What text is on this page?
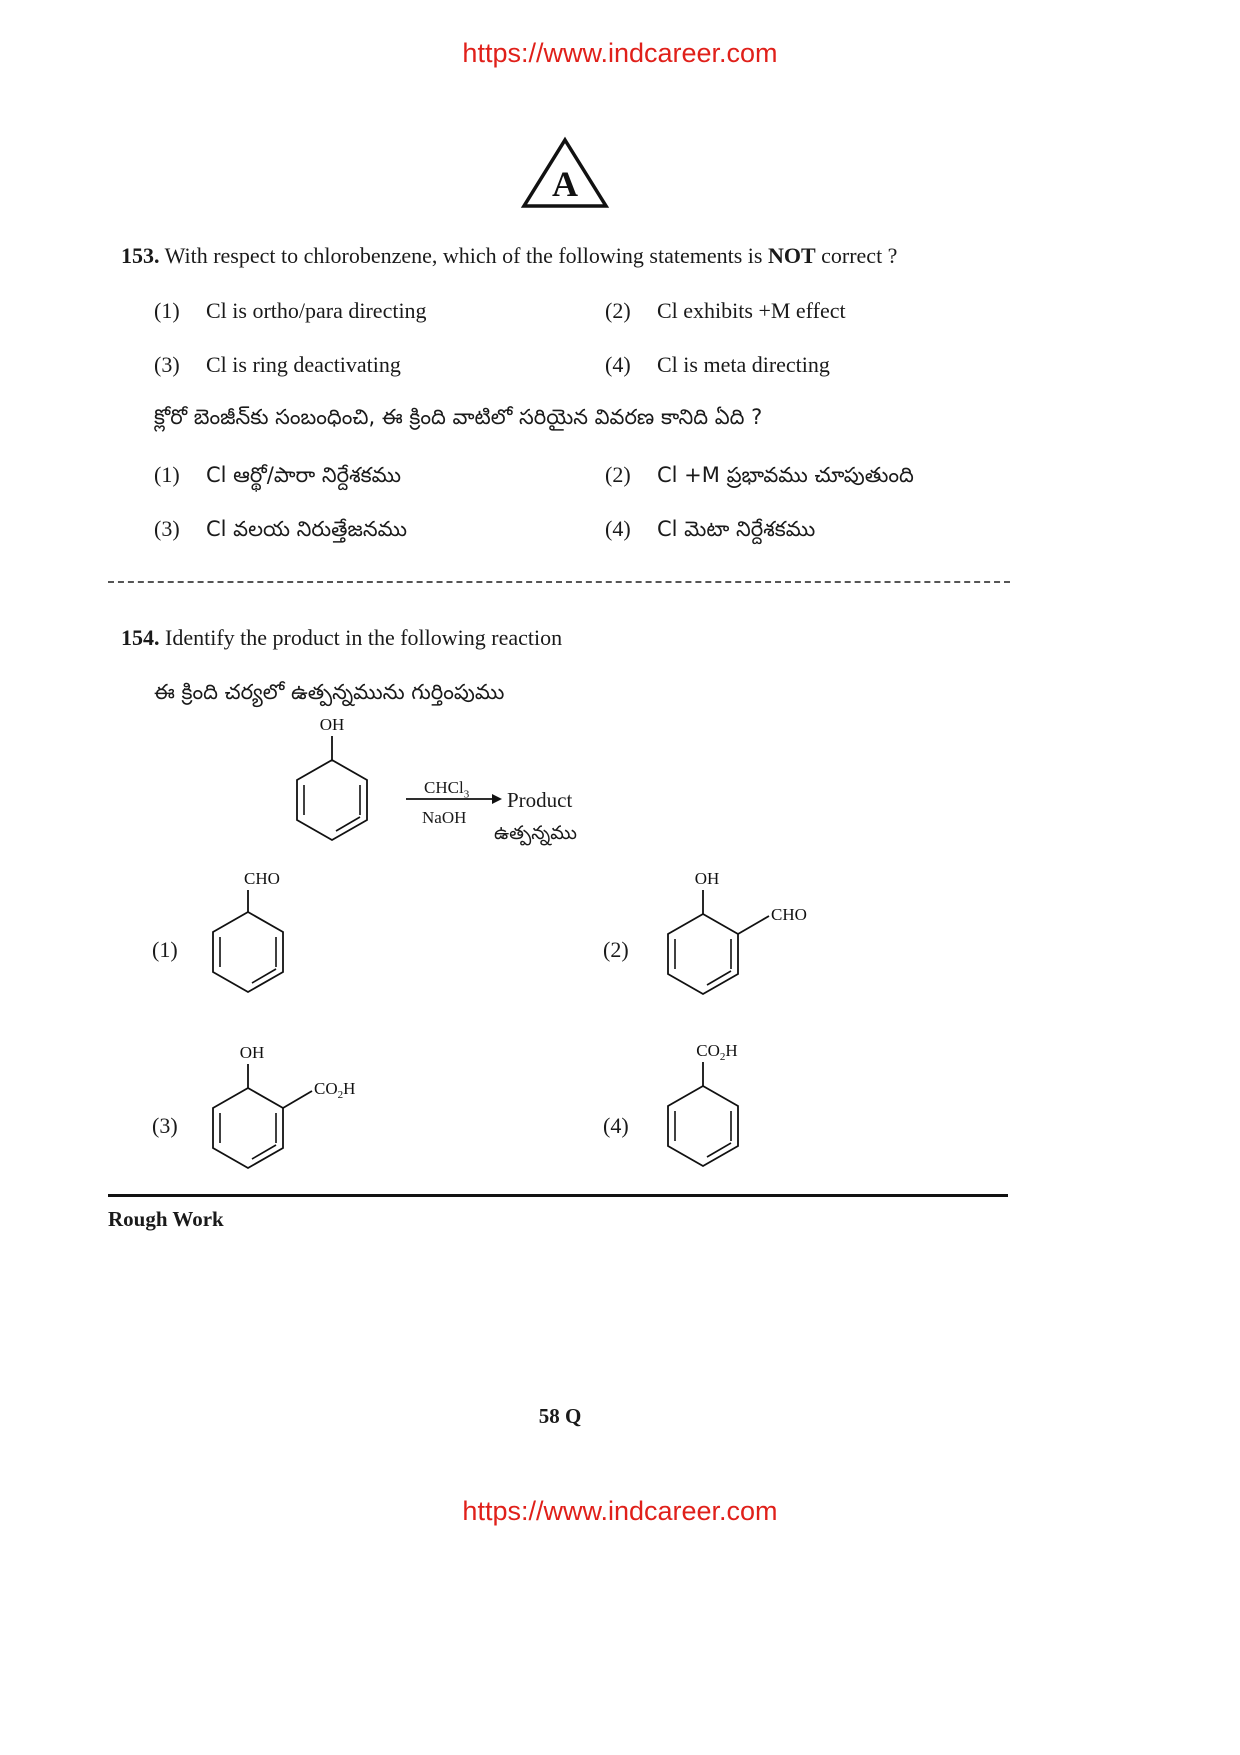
https://www.indcareer.com
A
153. With respect to chlorobenzene, which of the following statements is NOT correct ?
(1) Cl is ortho/para directing	(2) Cl exhibits +M effect
(3) Cl is ring deactivating	(4) Cl is meta directing
క్లోరో బెంజీన్‌కు సంబంధించి, ఈ క్రింది వాటిలో సరియైన వివరణ కానిది ఏది ?
(1) Cl ఆర్థో/పారా నిర్దేశకము	(2) Cl +M ప్రభావము చూపుతుంది
(3) Cl వలయ నిరుత్తేజనము	(4) Cl మెటా నిర్దేశకము
154. Identify the product in the following reaction
ఈ క్రింది చర్యలో ఉత్పన్నమును గుర్తింపుము
OH
CHCl$_3$
NaOH
Product
ఉత్పన్నము
(1)
CHO
(2)
OH
CHO
(3)
OH
$CO_2H$
(4)
$CO_2H$
Rough Work
58 Q
https://www.indcareer.com
